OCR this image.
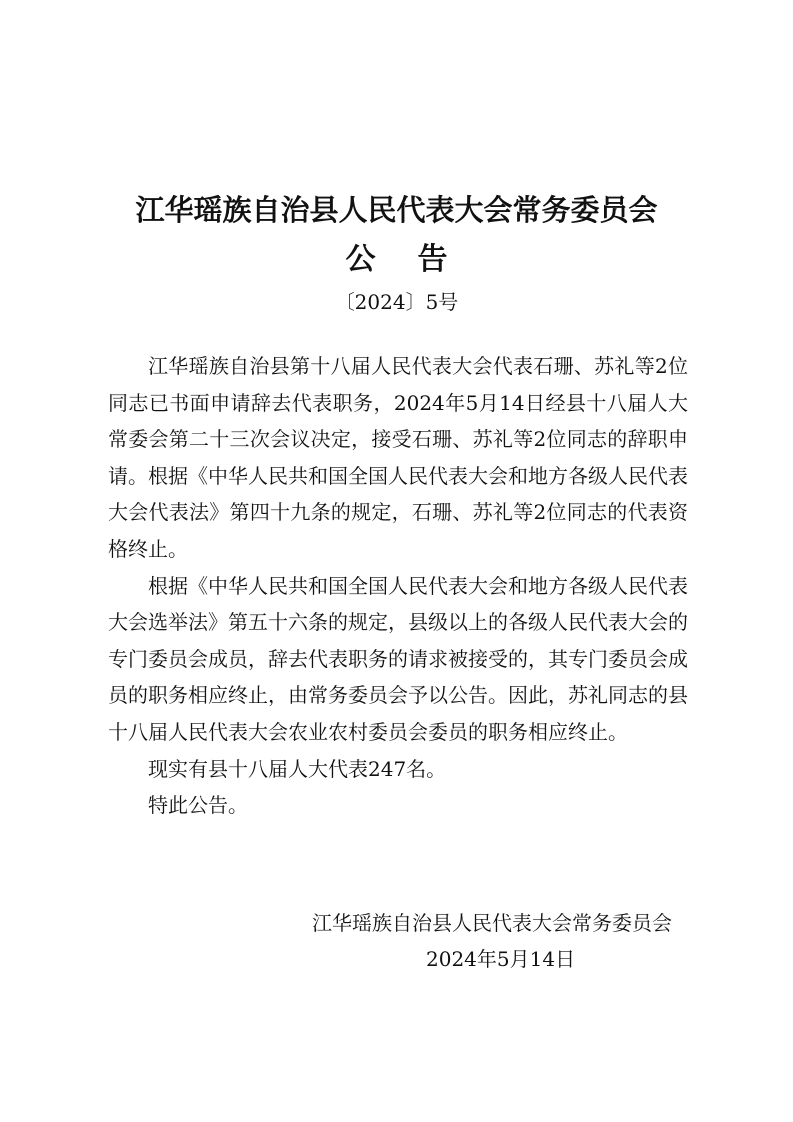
江华瑶族自治县人民代表大会常务委员会
公告
〔2024〕5号

江华瑶族自治县第十八届人民代表大会代表石珊、苏礼等2位同志已书面申请辞去代表职务，2024年5月14日经县十八届人大常委会第二十三次会议决定，接受石珊、苏礼等2位同志的辞职申请。根据《中华人民共和国全国人民代表大会和地方各级人民代表大会代表法》第四十九条的规定，石珊、苏礼等2位同志的代表资格终止。

根据《中华人民共和国全国人民代表大会和地方各级人民代表大会选举法》第五十六条的规定，县级以上的各级人民代表大会的专门委员会成员，辞去代表职务的请求被接受的，其专门委员会成员的职务相应终止，由常务委员会予以公告。因此，苏礼同志的县十八届人民代表大会农业农村委员会委员的职务相应终止。

现实有县十八届人大代表247名。

特此公告。

江华瑶族自治县人民代表大会常务委员会
2024年5月14日
